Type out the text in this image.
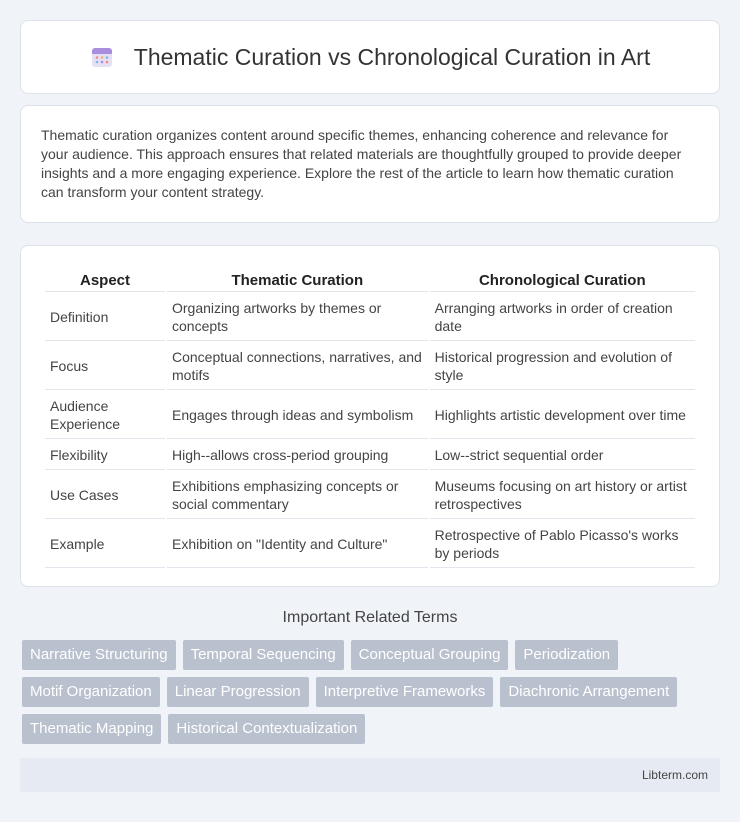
Thematic Curation vs Chronological Curation in Art

Thematic curation organizes content around specific themes, enhancing coherence and relevance for your audience. This approach ensures that related materials are thoughtfully grouped to provide deeper insights and a more engaging experience. Explore the rest of the article to learn how thematic curation can transform your content strategy.

Aspect	Thematic Curation	Chronological Curation
Definition	Organizing artworks by themes or concepts	Arranging artworks in order of creation date
Focus	Conceptual connections, narratives, and motifs	Historical progression and evolution of style
Audience Experience	Engages through ideas and symbolism	Highlights artistic development over time
Flexibility	High--allows cross-period grouping	Low--strict sequential order
Use Cases	Exhibitions emphasizing concepts or social commentary	Museums focusing on art history or artist retrospectives
Example	Exhibition on "Identity and Culture"	Retrospective of Pablo Picasso's works by periods
Important Related Terms
Narrative Structuring	Temporal Sequencing	Conceptual Grouping	Periodization
Motif Organization	Linear Progression	Interpretive Frameworks	Diachronic Arrangement
Thematic Mapping	Historical Contextualization
Libterm.com
